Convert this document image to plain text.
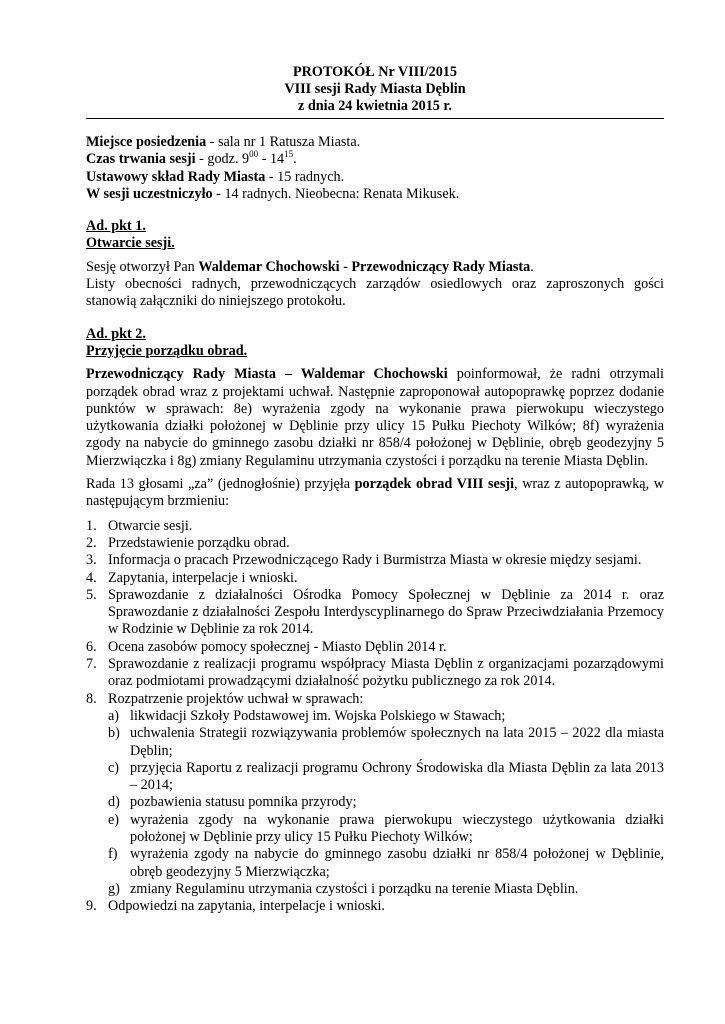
PROTOKÓŁ Nr VIII/2015
VIII sesji Rady Miasta Dęblin
z dnia 24 kwietnia 2015 r.
Miejsce posiedzenia - sala nr 1 Ratusza Miasta.
Czas trwania sesji - godz. $9^{00} - 14^{15}$.
Ustawowy skład Rady Miasta - 15 radnych.
W sesji uczestniczyło - 14 radnych. Nieobecna: Renata Mikusek.
Ad. pkt 1.
Otwarcie sesji.

Sesję otworzył Pan Waldemar Chochowski - Przewodniczący Rady Miasta.

Listy obecności radnych, przewodniczących zarządów osiedlowych oraz zaproszonych gości stanowią załączniki do niniejszego protokołu.

Ad. pkt 2.
Przyjęcie porządku obrad.

Przewodniczący Rady Miasta – Waldemar Chochowski poinformował, że radni otrzymali porządek obrad wraz z projektami uchwał. Następnie zaproponował autopoprawkę poprzez dodanie punktów w sprawach: 8e) wyrażenia zgody na wykonanie prawa pierwokupu wieczystego użytkowania działki położonej w Dęblinie przy ulicy 15 Pułku Piechoty Wilków; 8f) wyrażenia zgody na nabycie do gminnego zasobu działki nr 858/4 położonej w Dęblinie, obręb geodezyjny 5 Mierzwiączka i 8g) zmiany Regulaminu utrzymania czystości i porządku na terenie Miasta Dęblin.

Rada 13 głosami „za” (jednogłośnie) przyjęła porządek obrad VIII sesji, wraz z autopoprawką, w następującym brzmieniu:

1. Otwarcie sesji.
2. Przedstawienie porządku obrad.
3. Informacja o pracach Przewodniczącego Rady i Burmistrza Miasta w okresie między sesjami.
4. Zapytania, interpelacje i wnioski.
5. Sprawozdanie z działalności Ośrodka Pomocy Społecznej w Dęblinie za 2014 r. oraz Sprawozdanie z działalności Zespołu Interdyscyplinarnego do Spraw Przeciwdziałania Przemocy w Rodzinie w Dęblinie za rok 2014.
6. Ocena zasobów pomocy społecznej - Miasto Dęblin 2014 r.
7. Sprawozdanie z realizacji programu współpracy Miasta Dęblin z organizacjami pozarządowymi oraz podmiotami prowadzącymi działalność pożytku publicznego za rok 2014.
8. Rozpatrzenie projektów uchwał w sprawach:
a) likwidacji Szkoły Podstawowej im. Wojska Polskiego w Stawach;
b) uchwalenia Strategii rozwiązywania problemów społecznych na lata 2015 – 2022 dla miasta Dęblin;
c) przyjęcia Raportu z realizacji programu Ochrony Środowiska dla Miasta Dęblin za lata 2013 – 2014;
d) pozbawienia statusu pomnika przyrody;
e) wyrażenia zgody na wykonanie prawa pierwokupu wieczystego użytkowania działki położonej w Dęblinie przy ulicy 15 Pułku Piechoty Wilków;
f) wyrażenia zgody na nabycie do gminnego zasobu działki nr 858/4 położonej w Dęblinie, obręb geodezyjny 5 Mierzwiączka;
g) zmiany Regulaminu utrzymania czystości i porządku na terenie Miasta Dęblin.
9. Odpowiedzi na zapytania, interpelacje i wnioski.
